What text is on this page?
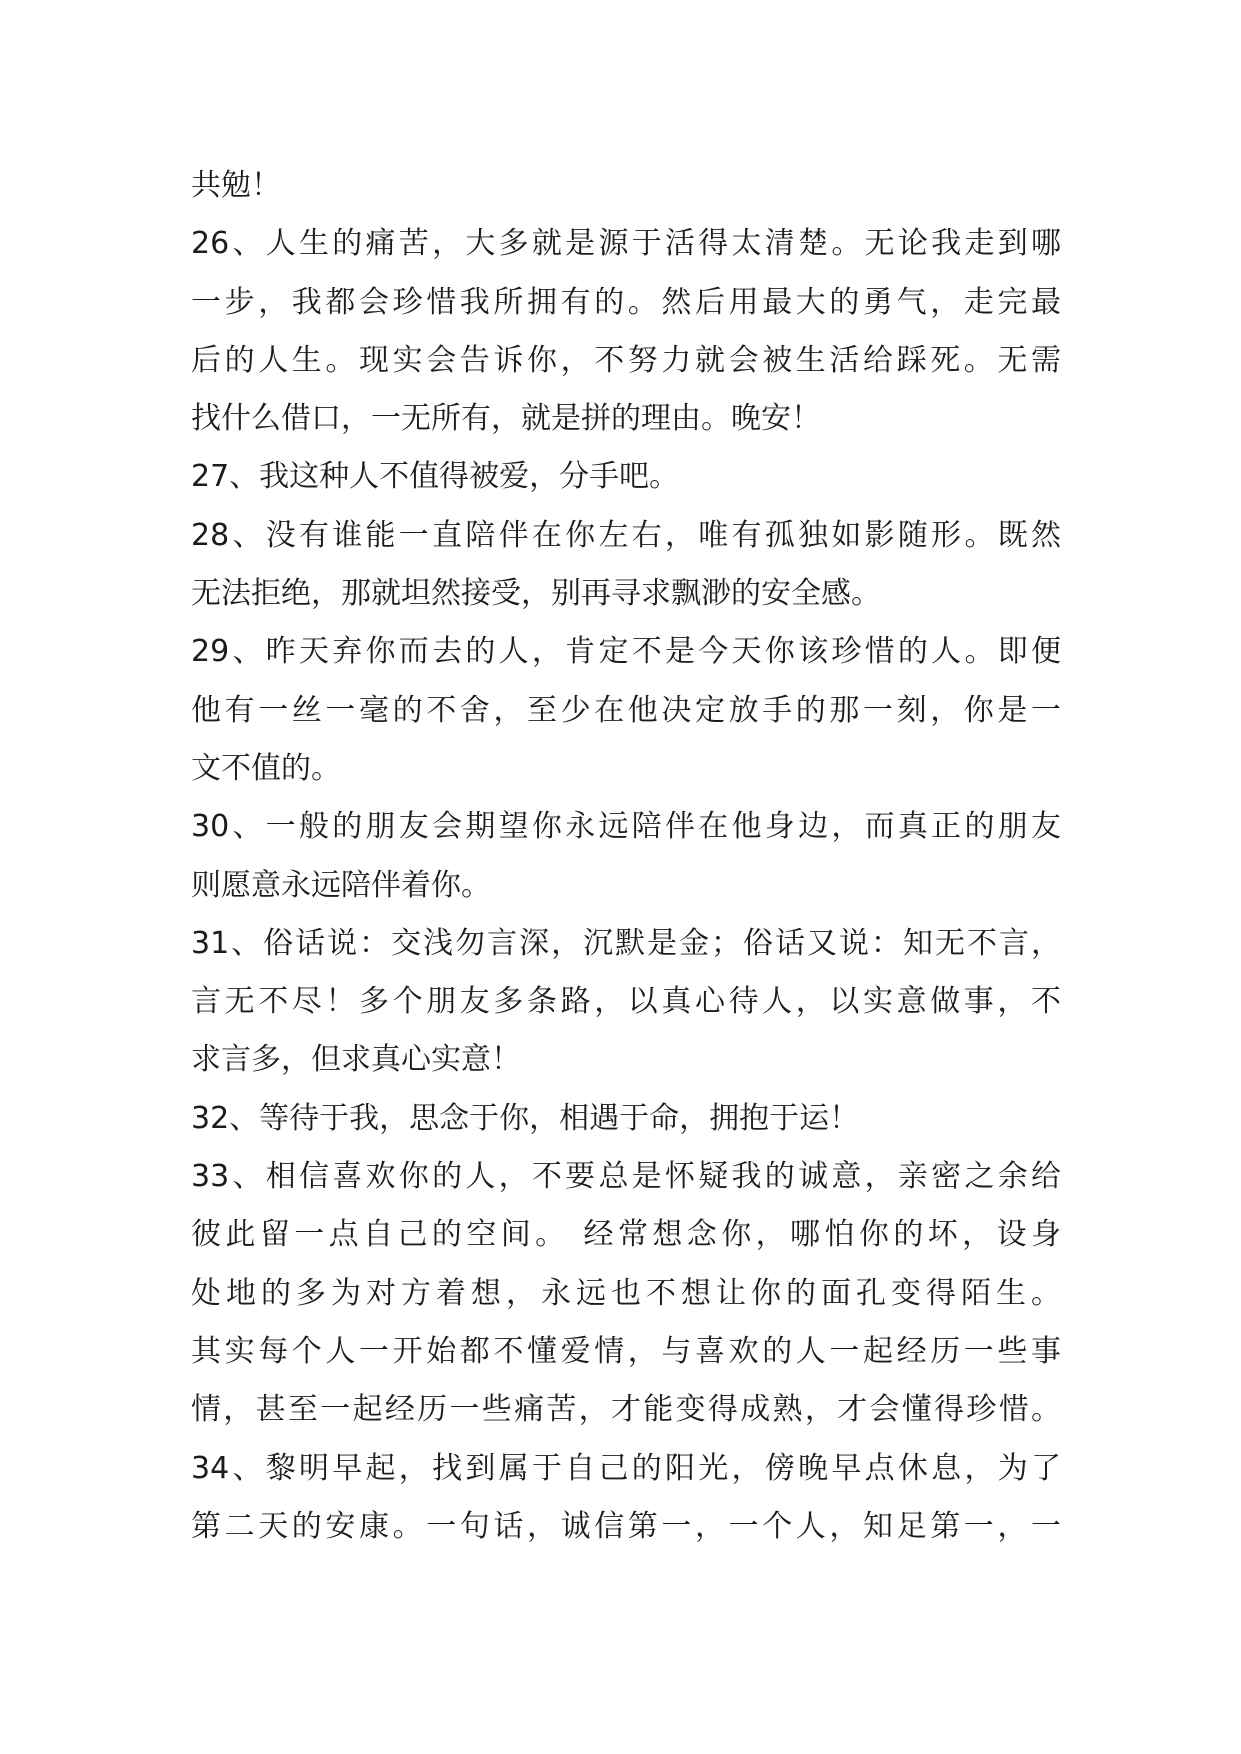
共勉！
26、人生的痛苦，大多就是源于活得太清楚。无论我走到哪
一步，我都会珍惜我所拥有的。然后用最大的勇气，走完最
后的人生。现实会告诉你，不努力就会被生活给踩死。无需
找什么借口，一无所有，就是拼的理由。晚安！
27、我这种人不值得被爱，分手吧。
28、没有谁能一直陪伴在你左右，唯有孤独如影随形。既然
无法拒绝，那就坦然接受，别再寻求飘渺的安全感。
29、昨天弃你而去的人，肯定不是今天你该珍惜的人。即便
他有一丝一毫的不舍，至少在他决定放手的那一刻，你是一
文不值的。
30、一般的朋友会期望你永远陪伴在他身边，而真正的朋友
则愿意永远陪伴着你。
31、俗话说：交浅勿言深，沉默是金；俗话又说：知无不言，
言无不尽！多个朋友多条路，以真心待人，以实意做事，不
求言多，但求真心实意！
32、等待于我，思念于你，相遇于命，拥抱于运！
33、相信喜欢你的人，不要总是怀疑我的诚意，亲密之余给
彼此留一点自己的空间。 经常想念你，哪怕你的坏，设身
处地的多为对方着想，永远也不想让你的面孔变得陌生。
其实每个人一开始都不懂爱情，与喜欢的人一起经历一些事
情，甚至一起经历一些痛苦，才能变得成熟，才会懂得珍惜。
34、黎明早起，找到属于自己的阳光，傍晚早点休息，为了
第二天的安康。一句话，诚信第一，一个人，知足第一，一
